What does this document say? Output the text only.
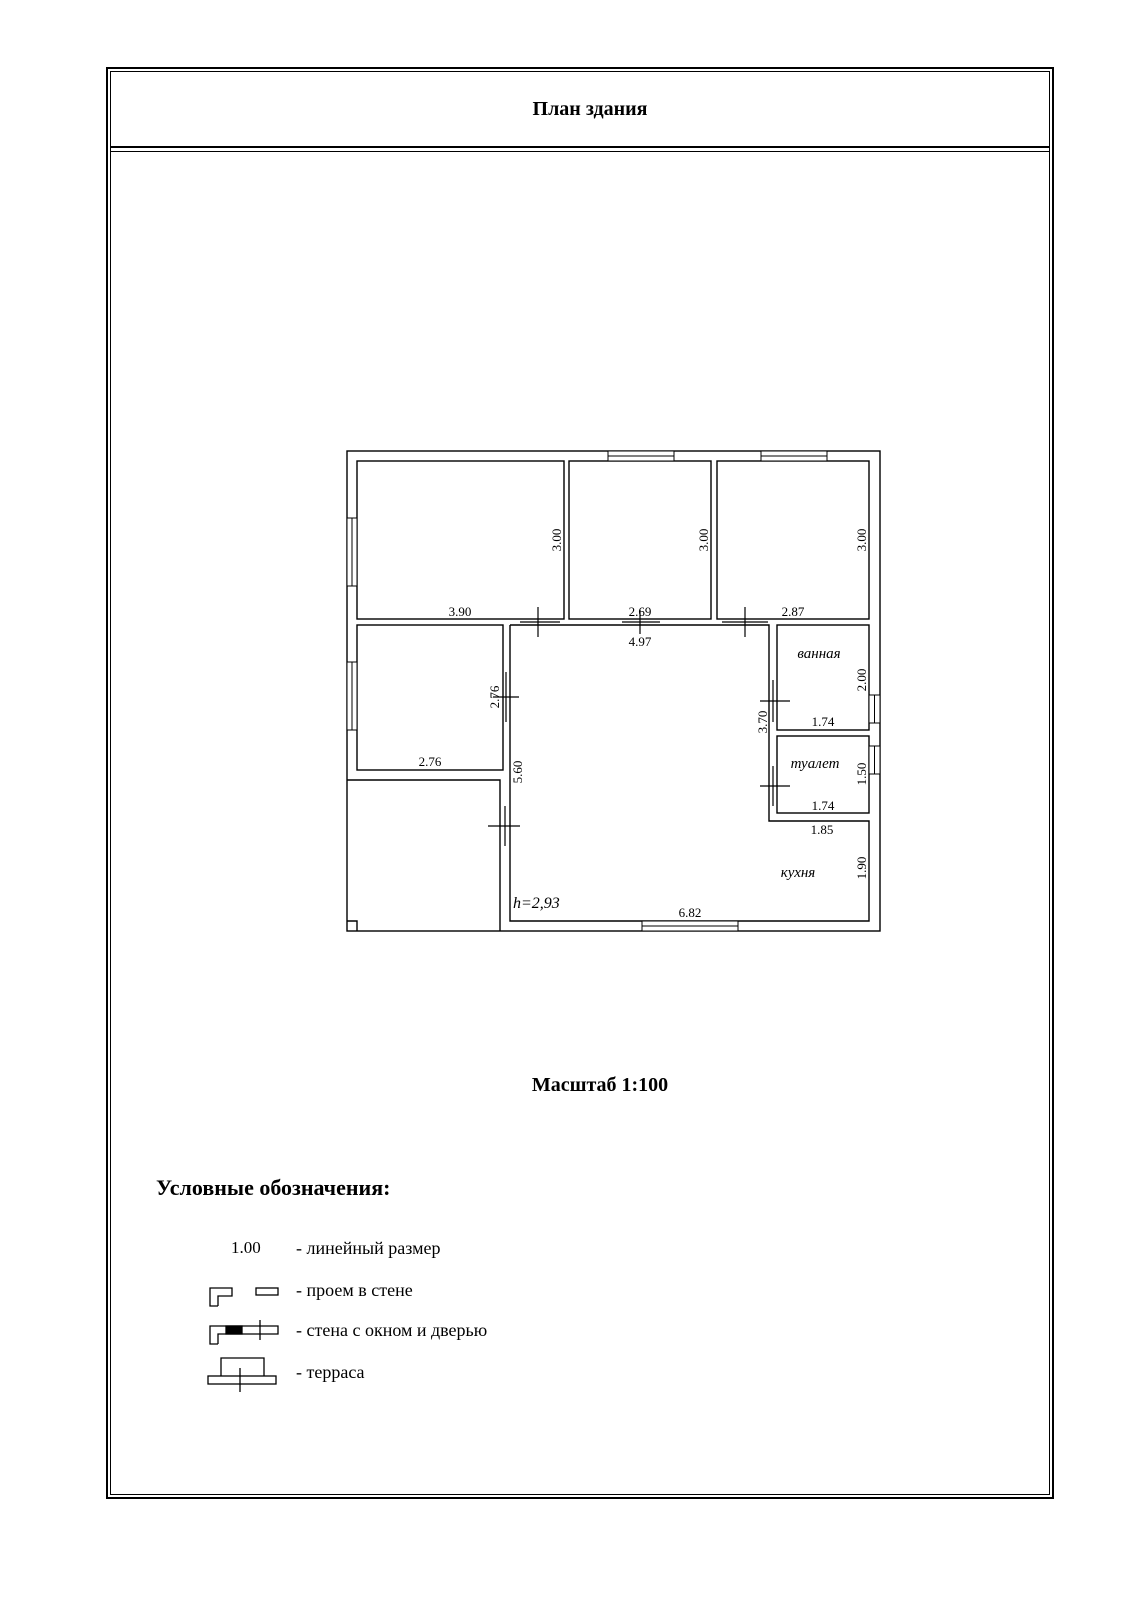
План здания
3.90
3.00
2.69
3.00
2.87
3.00
4.97
2.76
2.76	5.60
3.70
2.00
1.74
1.50
1.74
1.85
1.90
6.82
ванная
туалет
кухня
h=2,93
Масштаб 1:100
Условные обозначения:
1.00 - линейный размер
- проем в стене
- стена с окном и дверью
- терраса
